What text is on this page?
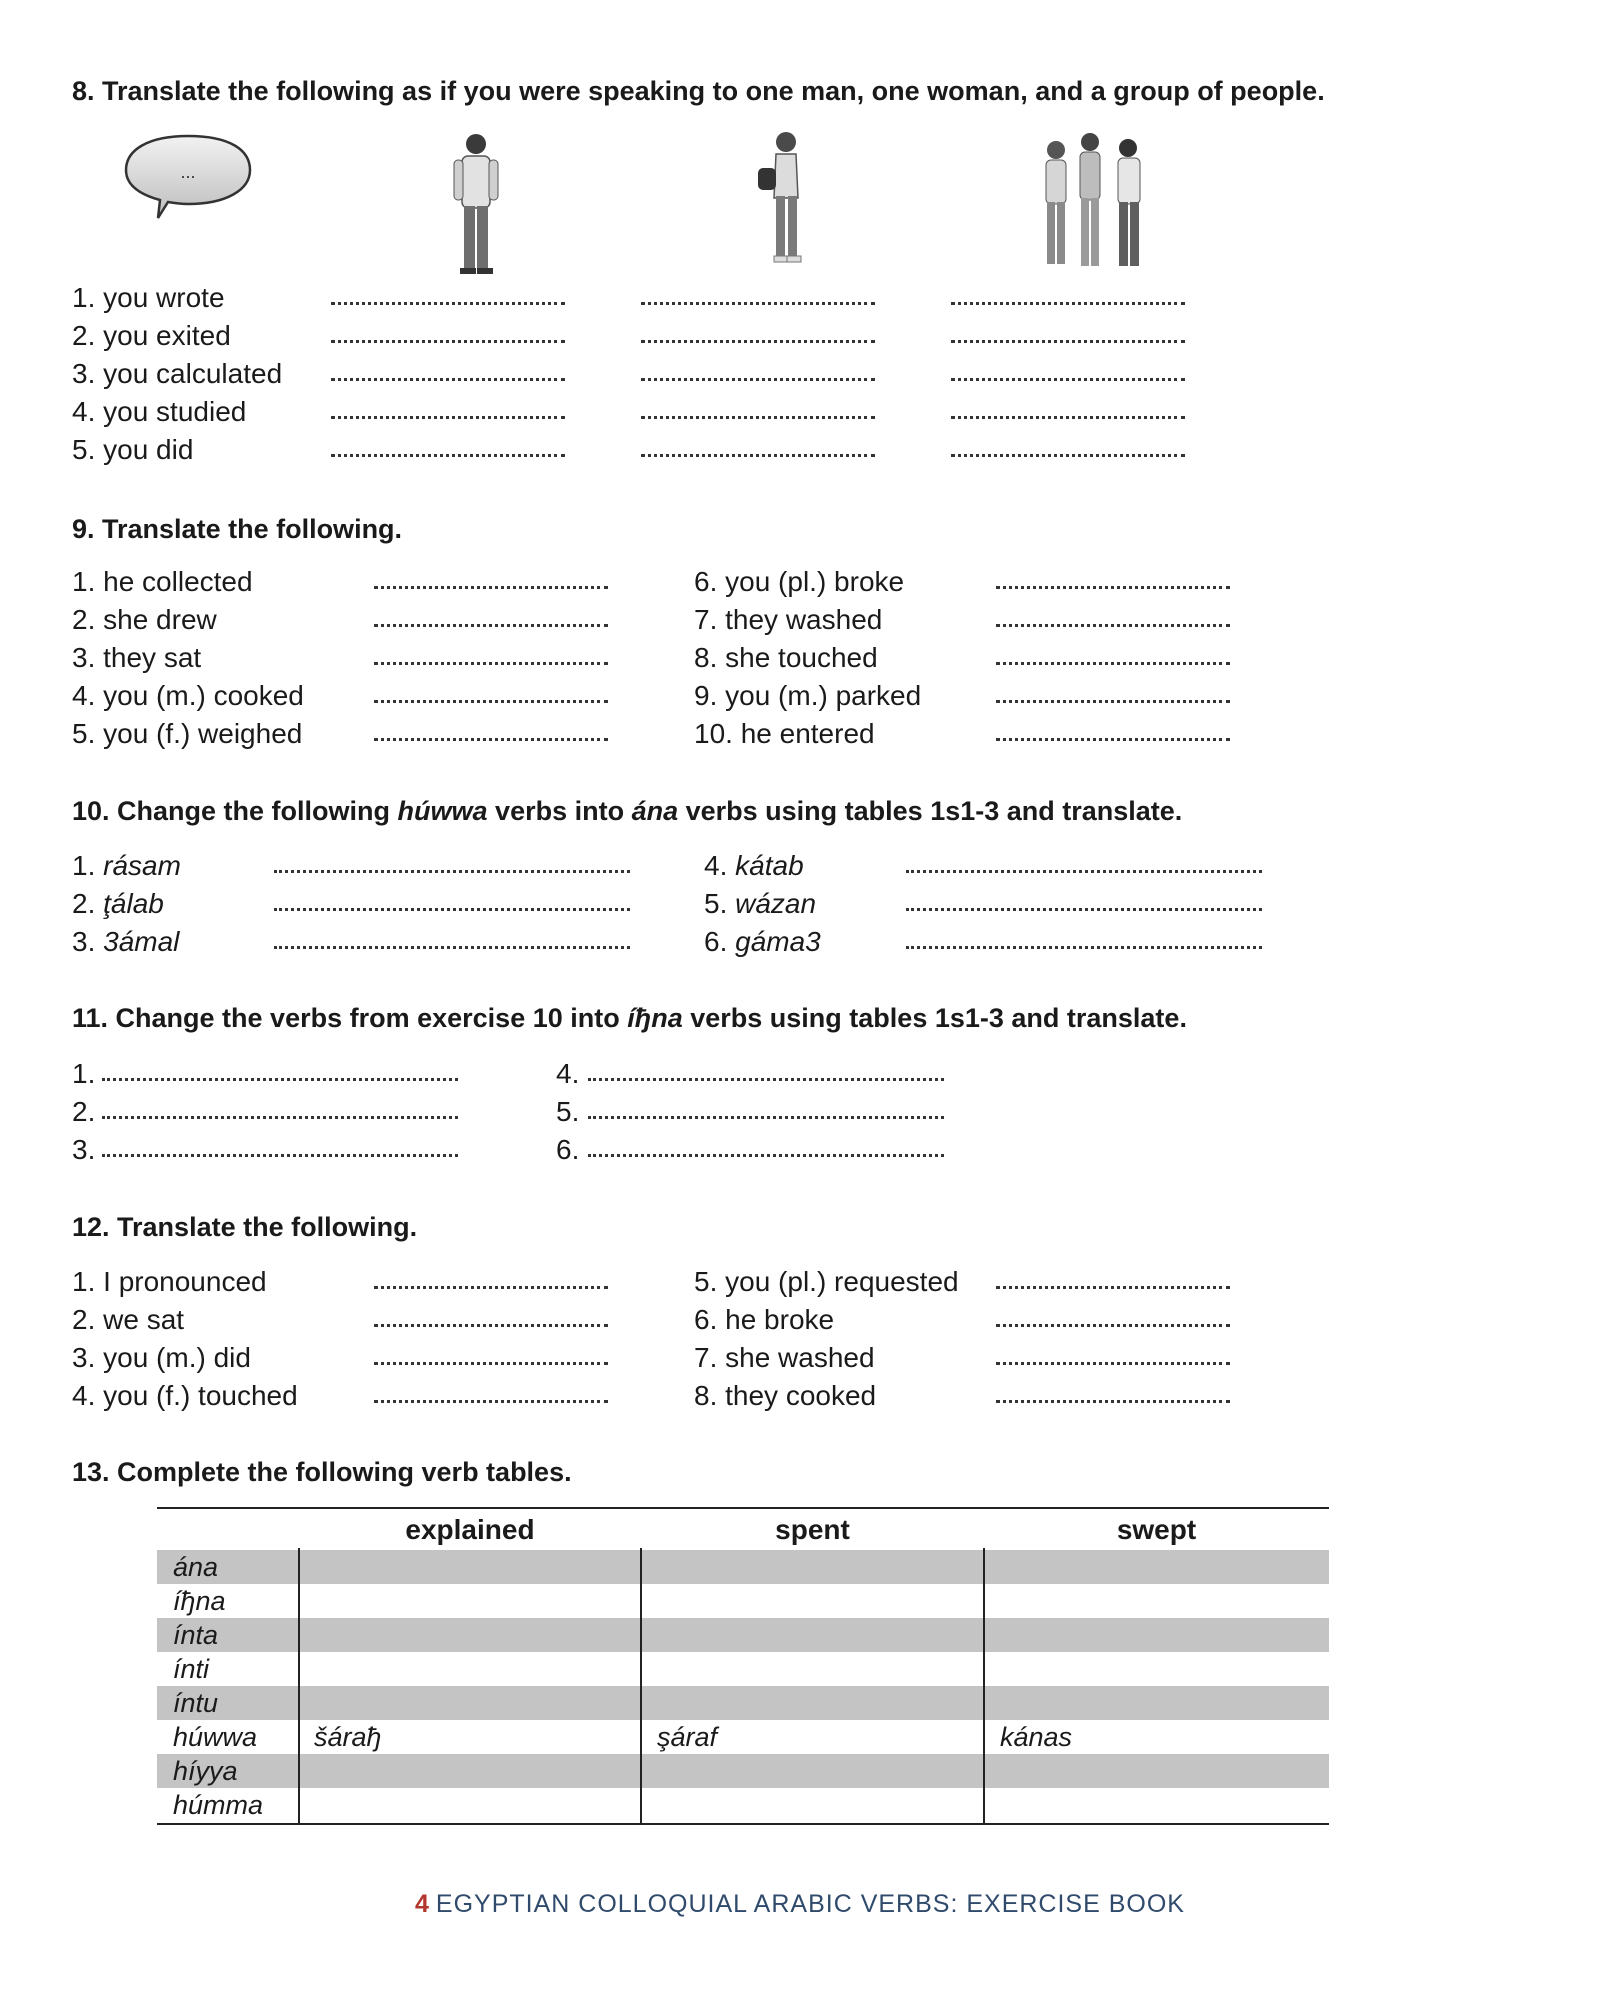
8. Translate the following as if you were speaking to one man, one woman, and a group of people.
...
1. you wrote
2. you exited
3. you calculated
4. you studied
5. you did
9. Translate the following.
1. he collected
2. she drew
3. they sat
4. you (m.) cooked
5. you (f.) weighed
6. you (pl.) broke
7. they washed
8. she touched
9. you (m.) parked
10. he entered
10. Change the following húwwa verbs into ána verbs using tables 1s1-3 and translate.
1. rásam
2. ţálab
3. 3ámal
4. kátab
5. wázan
6. gáma3
11. Change the verbs from exercise 10 into íђna verbs using tables 1s1-3 and translate.
1.
2.
3.
4.
5.
6.
12. Translate the following.
1. I pronounced
2. we sat
3. you (m.) did
4. you (f.) touched
5. you (pl.) requested
6. he broke
7. she washed
8. they cooked
13. Complete the following verb tables.
explained	spent	swept
ána
íђna
ínta
ínti
íntu
húwwa šáraђ	şáraf	kánas
híyya
húmma
4 EGYPTIAN COLLOQUIAL ARABIC VERBS: EXERCISE BOOK
